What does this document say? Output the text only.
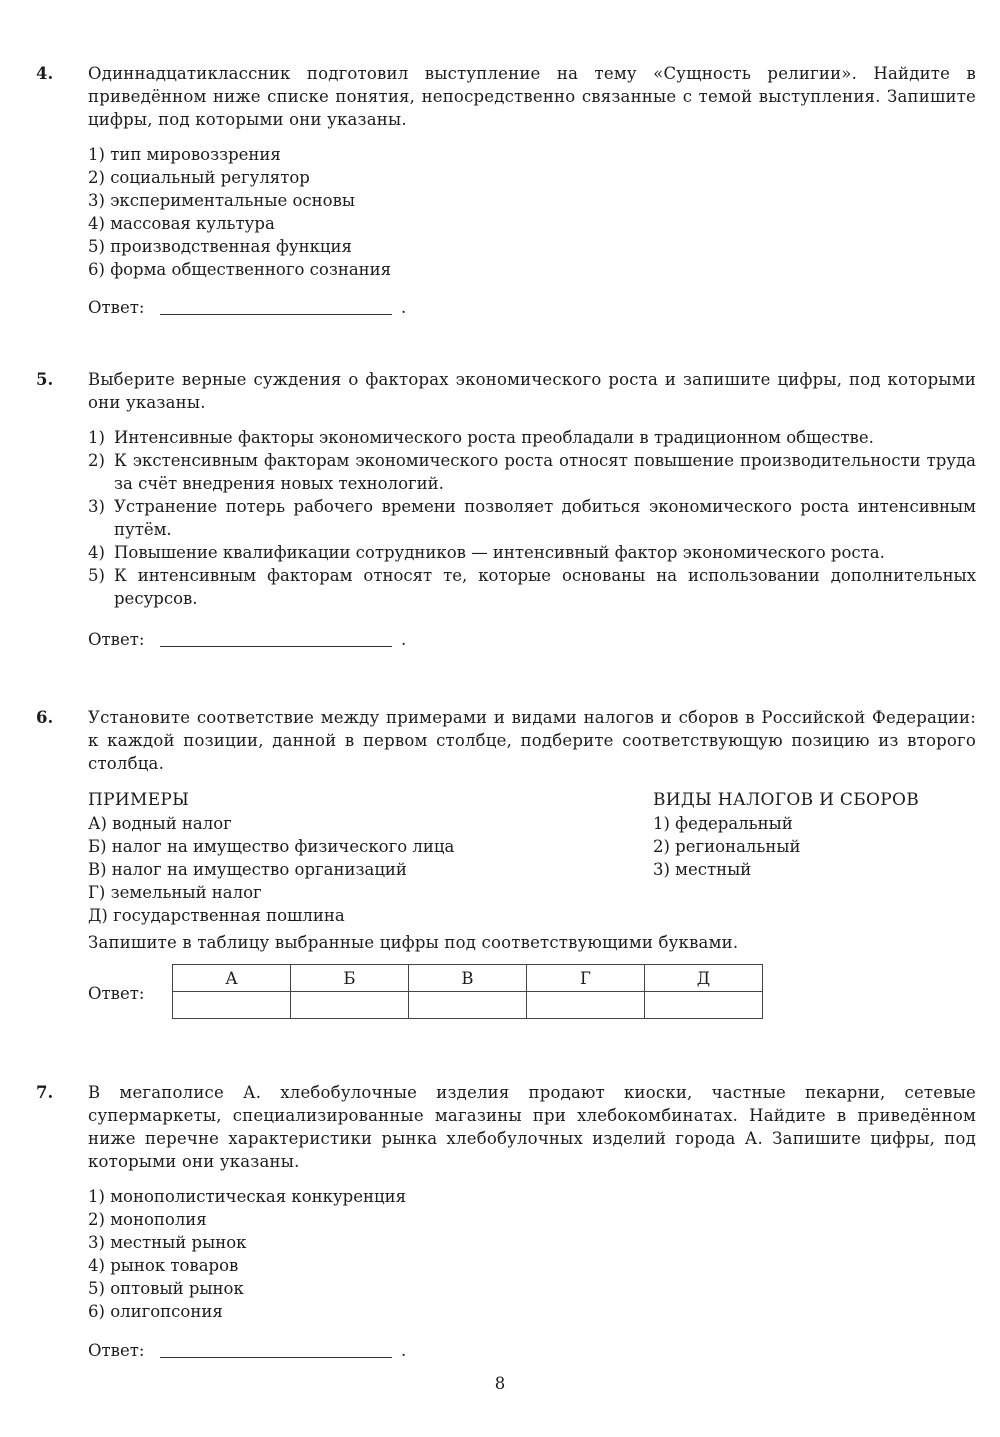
4. Одиннадцатиклассник подготовил выступление на тему «Сущность религии». Найдите в приведённом ниже списке понятия, непосредственно связанные с темой выступления. Запишите цифры, под которыми они указаны.

1) тип мировоззрения
2) социальный регулятор
3) экспериментальные основы
4) массовая культура
5) производственная функция
6) форма общественного сознания
Ответ:	.
5. Выберите верные суждения о факторах экономического роста и запишите цифры, под которыми они указаны.

1) Интенсивные факторы экономического роста преобладали в традиционном обществе.
2) К экстенсивным факторам экономического роста относят повышение производительности труда за счёт внедрения новых технологий.
3) Устранение потерь рабочего времени позволяет добиться экономического роста интенсивным путём.
4) Повышение квалификации сотрудников — интенсивный фактор экономического роста.
5) К интенсивным факторам относят те, которые основаны на использовании дополнительных ресурсов.
Ответ:	.
6. Установите соответствие между примерами и видами налогов и сборов в Российской Федерации: к каждой позиции, данной в первом столбце, подберите соответствующую позицию из второго столбца.

ПРИМЕРЫ
А) водный налог
Б) налог на имущество физического лица
В) налог на имущество организаций
Г) земельный налог
Д) государственная пошлина
ВИДЫ НАЛОГОВ И СБОРОВ
1) федеральный
2) региональный
3) местный

Запишите в таблицу выбранные цифры под соответствующими буквами.

Ответ:
А	Б	В	Г	Д

7. В мегаполисе А. хлебобулочные изделия продают киоски, частные пекарни, сетевые супермаркеты, специализированные магазины при хлебокомбинатах. Найдите в приведённом ниже перечне характеристики рынка хлебобулочных изделий города А. Запишите цифры, под которыми они указаны.

1) монополистическая конкуренция
2) монополия
3) местный рынок
4) рынок товаров
5) оптовый рынок
6) олигопсония
Ответ:	.
8
